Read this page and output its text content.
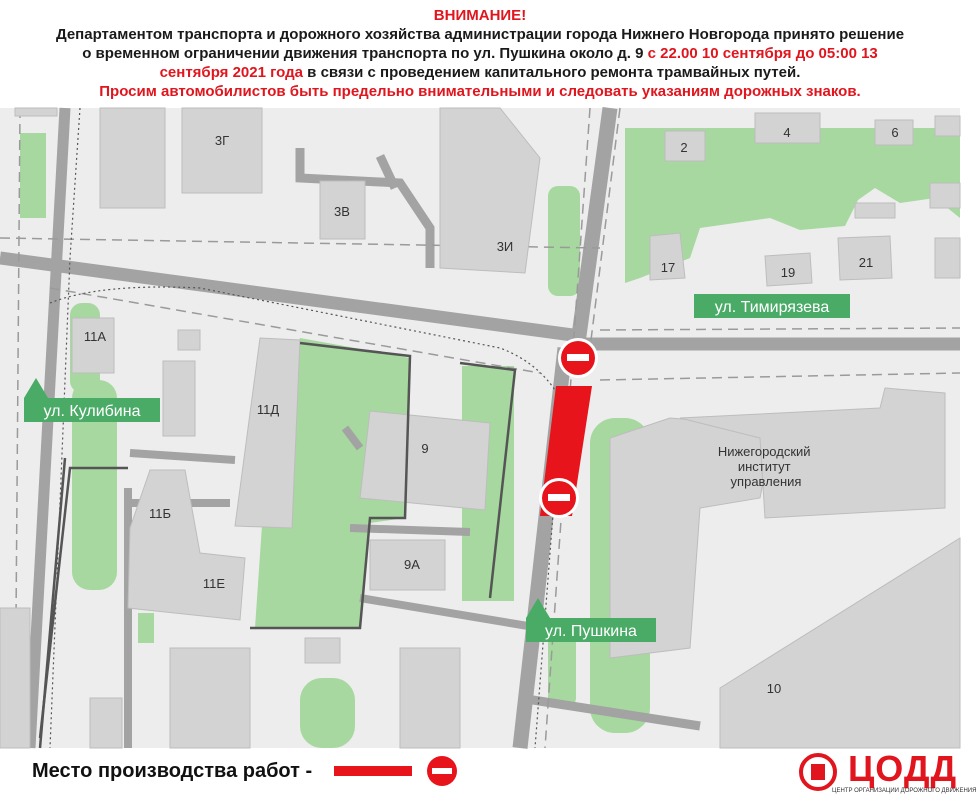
ВНИМАНИЕ!
Департаментом транспорта и дорожного хозяйства администрации города Нижнего Новгорода принято решение
о временном ограничении движения транспорта по ул. Пушкина около д. 9 с 22.00 10 сентября до 05:00 13
сентября 2021 года в связи с проведением капитального ремонта трамвайных путей.
Просим автомобилистов быть предельно внимательными и следовать указаниям дорожных знаков.
3Г
3В
3И
2
4	6
17	19
21
11А
11Д
9
9А
11Б
11Е
10
Нижегородский институт управления
ул. Тимирязева
ул. Кулибина
ул. Пушкина
Место производства работ -	ЦОДД
ЦЕНТР ОРГАНИЗАЦИИ ДОРОЖНОГО ДВИЖЕНИЯ
